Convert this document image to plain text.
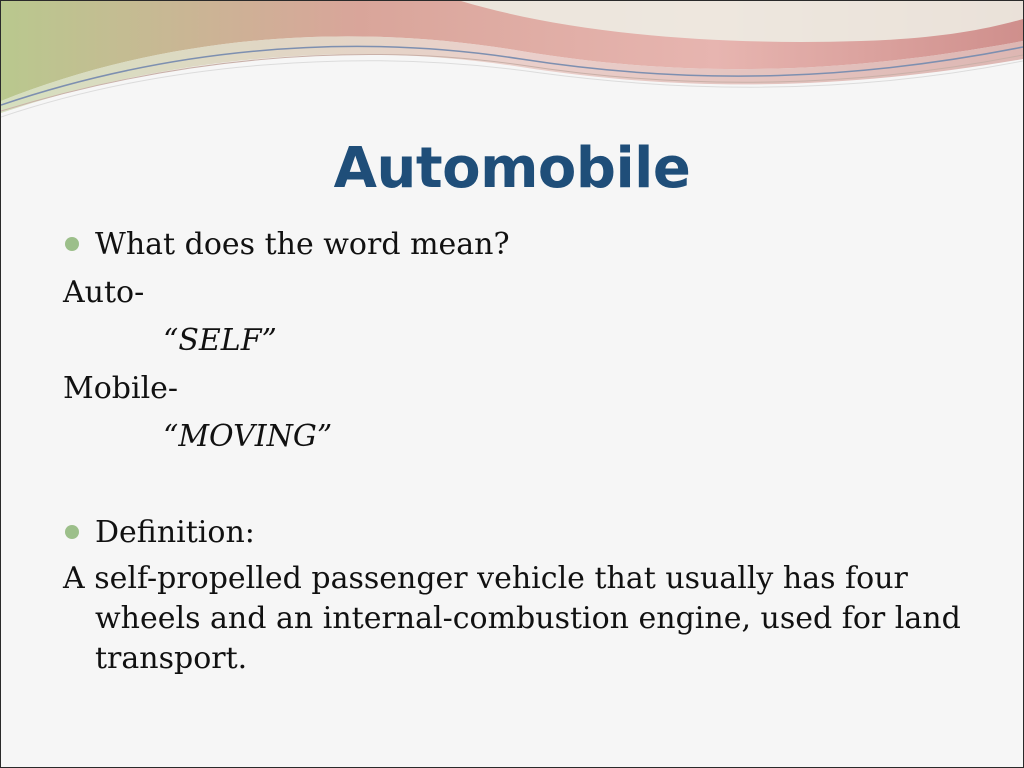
Automobile
What does the word mean?
Auto-
“SELF”
Mobile-
“MOVING”
Definition:
A self-propelled passenger vehicle that usually has four wheels and an internal-combustion engine, used for land transport.
